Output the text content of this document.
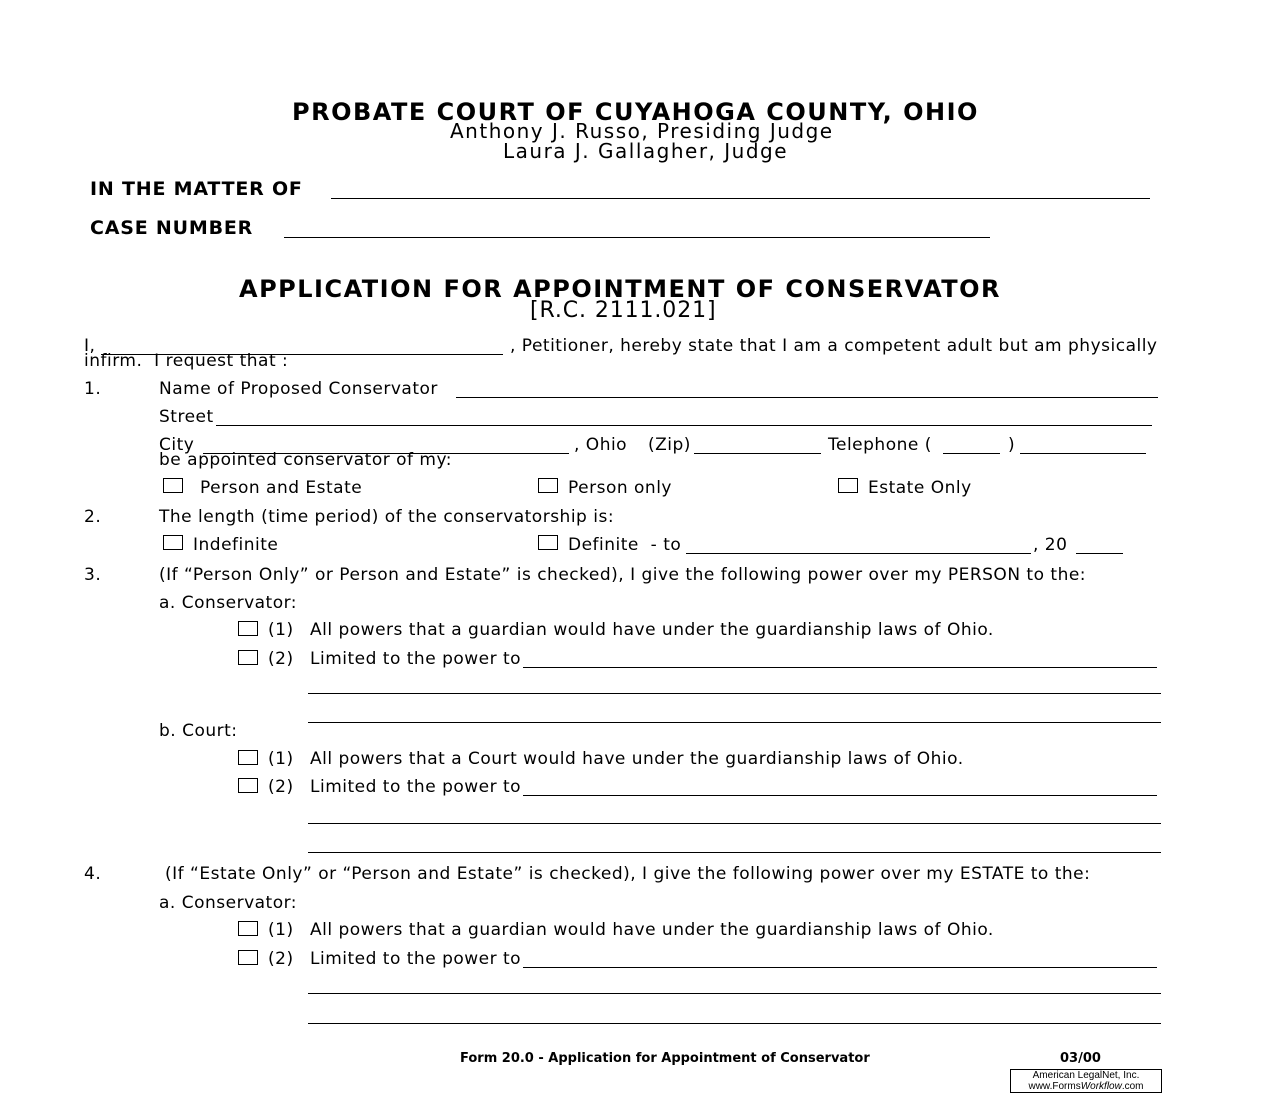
PROBATE COURT OF CUYAHOGA COUNTY, OHIO
Anthony J. Russo, Presiding Judge
Laura J. Gallagher, Judge
IN THE MATTER OF
CASE NUMBER
APPLICATION FOR APPOINTMENT OF CONSERVATOR
[R.C. 2111.021]
I,	, Petitioner, hereby state that I am a competent adult but am physically
infirm.  I request that :
1.	Name of Proposed Conservator
Street
City	, Ohio (Zip)	Telephone (	)
be appointed conservator of my:
Person and Estate	Person only	Estate Only
2.	The length (time period) of the conservatorship is:
Indefinite	Definite  - to	, 20
3.	(If “Person Only” or Person and Estate” is checked), I give the following power over my PERSON to the:
a. Conservator:
(1) All powers that a guardian would have under the guardianship laws of Ohio.
(2) Limited to the power to
b. Court:
(1) All powers that a Court would have under the guardianship laws of Ohio.
(2) Limited to the power to
4.	(If “Estate Only” or “Person and Estate” is checked), I give the following power over my ESTATE to the:
a. Conservator:
(1) All powers that a guardian would have under the guardianship laws of Ohio.
(2) Limited to the power to
Form 20.0 - Application for Appointment of Conservator	03/00
American LegalNet, Inc.
www.FormsWorkflow.com
